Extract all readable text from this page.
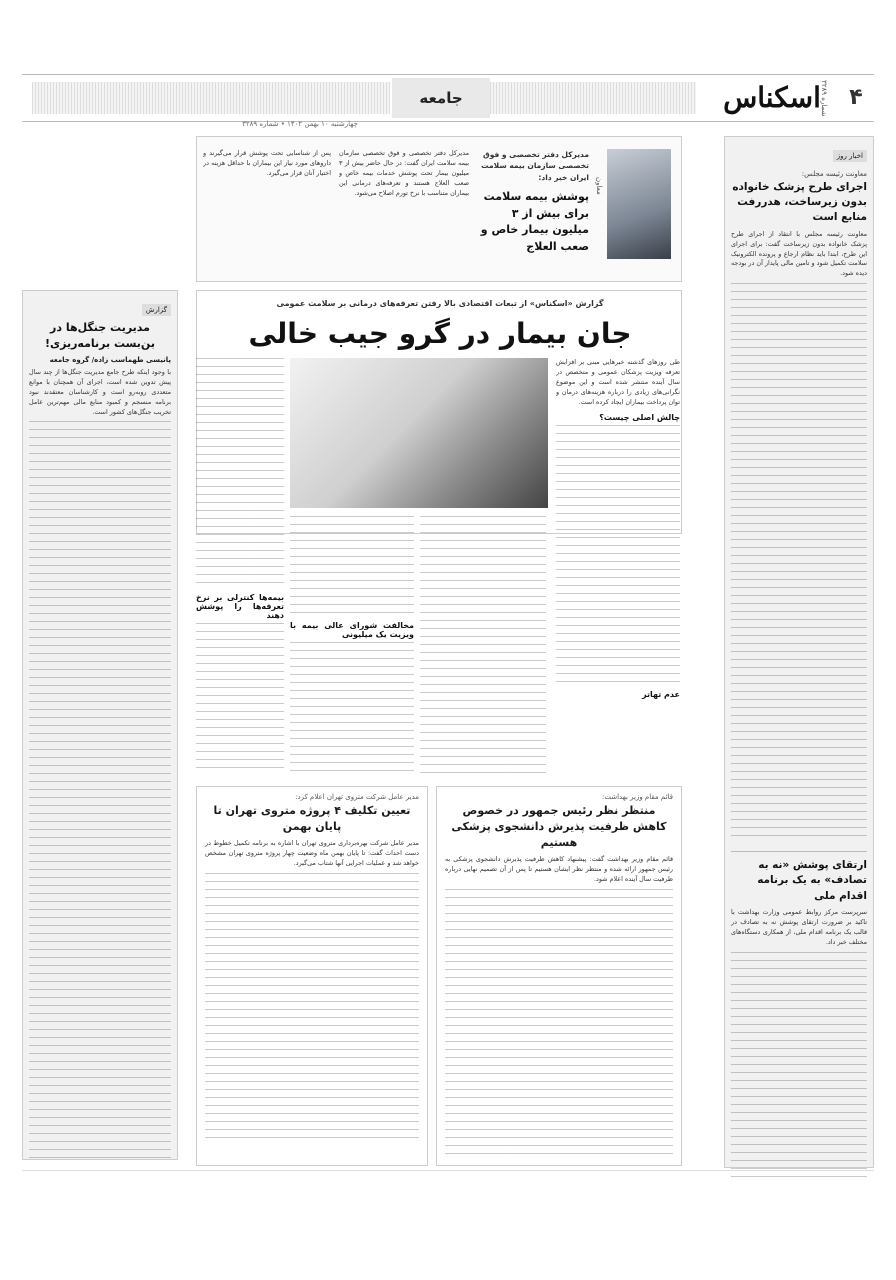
۴
اسکناس شماره ۳۲۸۹
جامعه
چهارشنبه ۱۰ بهمن ۱۴۰۲ • شماره ۳۲۸۹
اخبار روز
معاونت رئیسه مجلس:
اجرای طرح پزشک خانواده بدون زیرساخت، هدررفت منابع است
معاونت رئیسه مجلس با انتقاد از اجرای طرح پزشک خانواده بدون زیرساخت گفت: برای اجرای این طرح، ابتدا باید نظام ارجاع و پرونده الکترونیک سلامت تکمیل شود و تامین مالی پایدار آن در بودجه دیده شود.
ارتقای پوشش «نه به تصادف» به یک برنامه اقدام ملی
سرپرست مرکز روابط عمومی وزارت بهداشت با تاکید بر ضرورت ارتقای پوشش نه به تصادف در قالب یک برنامه اقدام ملی، از همکاری دستگاه‌های مختلف خبر داد.
معاون
مدیرکل دفتر تخصصی و فوق تخصصی سازمان بیمه سلامت ایران خبر داد:
پوشش بیمه سلامت برای بیش از ۳ میلیون بیمار خاص و صعب العلاج
مدیرکل دفتر تخصصی و فوق تخصصی سازمان بیمه سلامت ایران گفت: در حال حاضر بیش از ۳ میلیون بیمار تحت پوشش خدمات بیمه خاص و صعب العلاج هستند و تعرفه‌های درمانی این بیماران متناسب با نرخ تورم اصلاح می‌شود.
پس از شناسایی تحت پوشش قرار می‌گیرند و داروهای مورد نیاز این بیماران با حداقل هزینه در اختیار آنان قرار می‌گیرد.
گزارش
مدیریت جنگل‌ها در بن‌بست برنامه‌ریزی!
پانیسی طهماسب زاده/ گروه جامعه
با وجود اینکه طرح جامع مدیریت جنگل‌ها از چند سال پیش تدوین شده است، اجرای آن همچنان با موانع متعددی روبه‌رو است و کارشناسان معتقدند نبود برنامه منسجم و کمبود منابع مالی مهم‌ترین عامل تخریب جنگل‌های کشور است.
گزارش «اسکناس» از تبعات اقتصادی بالا رفتن تعرفه‌های درمانی بر سلامت عمومی
جان بیمار در گرو جیب خالی
طی روزهای گذشته خبرهایی مبنی بر افزایش تعرفه ویزیت پزشکان عمومی و متخصص در سال آینده منتشر شده است و این موضوع نگرانی‌های زیادی را درباره هزینه‌های درمان و توان پرداخت بیماران ایجاد کرده است.
چالش اصلی چیست؟
عدم تهاتر
مخالفت شورای عالی بیمه با ویزیت یک میلیونی
بیمه‌ها کنترلی بر نرخ تعرفه‌ها را پوشش دهند
مدیر عامل شرکت متروی تهران اعلام کرد:
تعیین تکلیف ۴ پروژه متروی تهران تا پایان بهمن
مدیر عامل شرکت بهره‌برداری متروی تهران با اشاره به برنامه تکمیل خطوط در دست احداث گفت: تا پایان بهمن ماه وضعیت چهار پروژه متروی تهران مشخص خواهد شد و عملیات اجرایی آنها شتاب می‌گیرد.
قائم مقام وزیر بهداشت:
منتظر نظر رئیس جمهور در خصوص کاهش ظرفیت پذیرش دانشجوی پزشکی هستیم
قائم مقام وزیر بهداشت گفت: پیشنهاد کاهش ظرفیت پذیرش دانشجوی پزشکی به رئیس جمهور ارائه شده و منتظر نظر ایشان هستیم تا پس از آن تصمیم نهایی درباره ظرفیت سال آینده اعلام شود.
